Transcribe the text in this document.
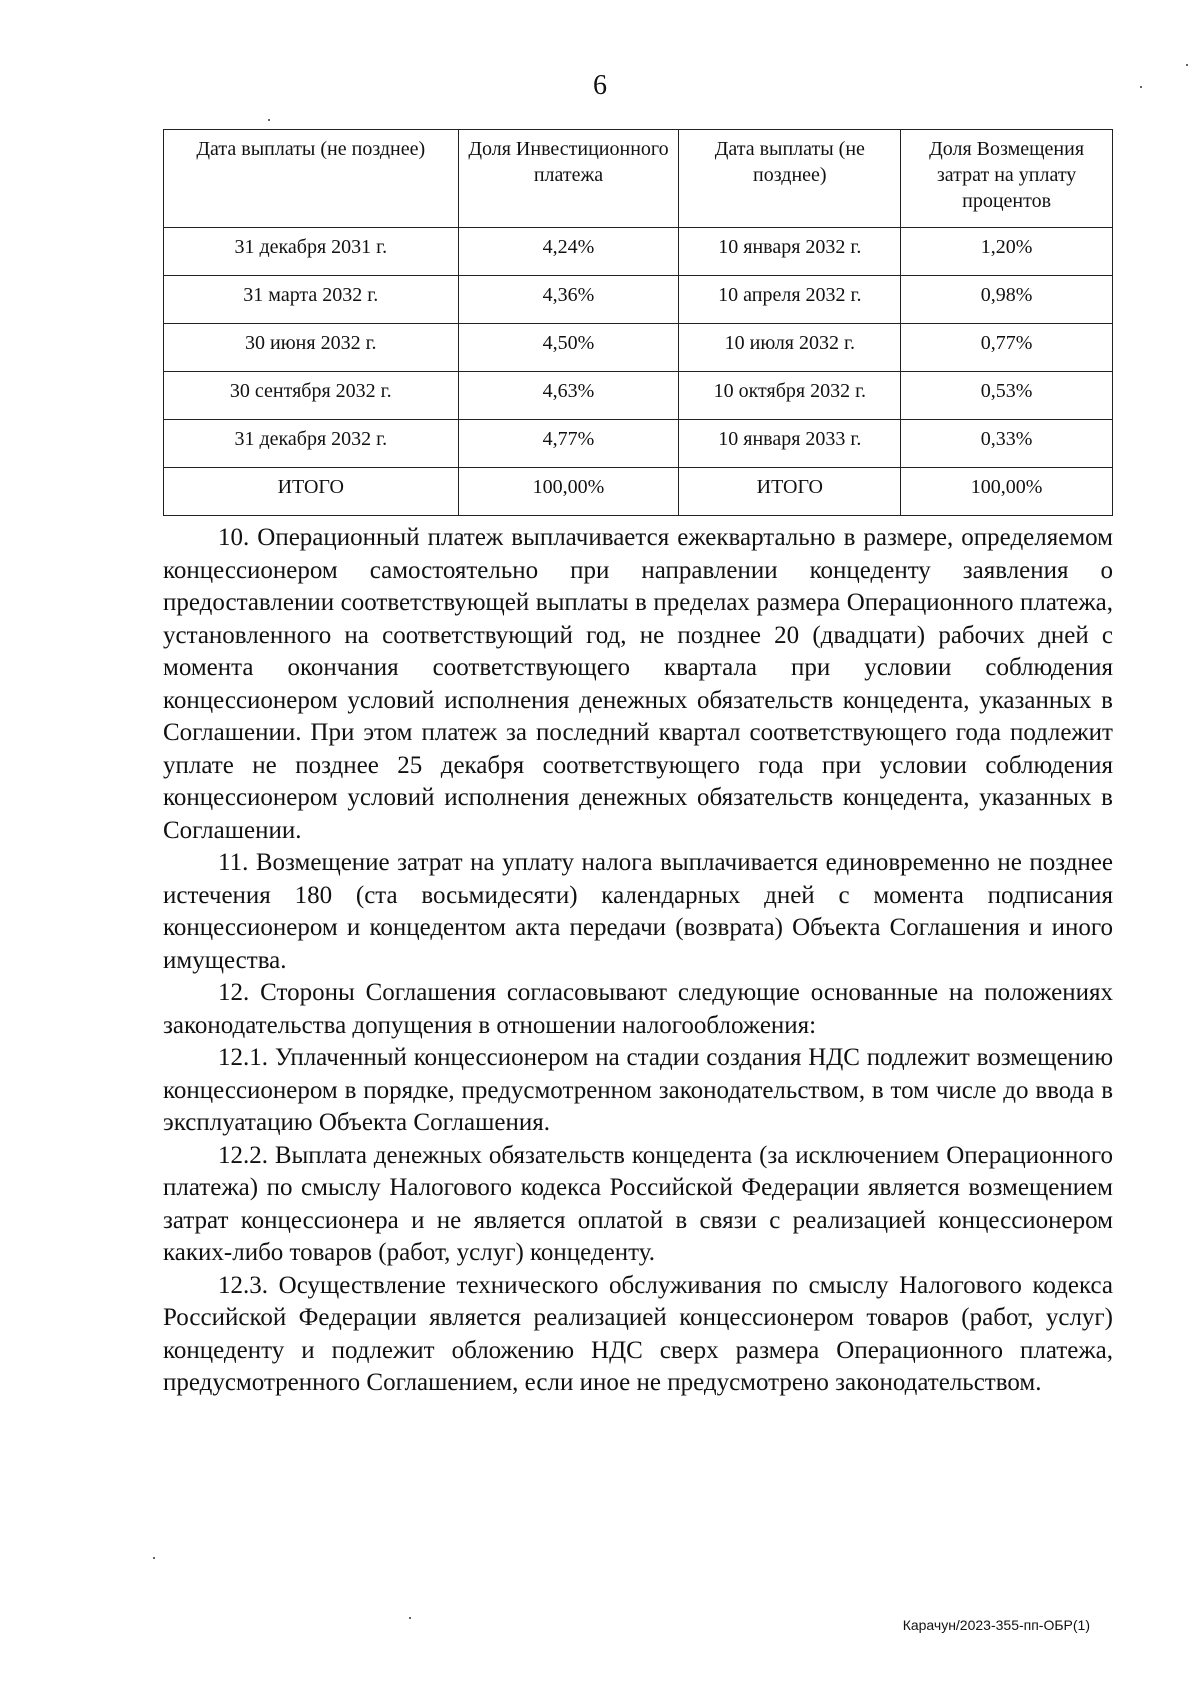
6
Дата выплаты (не позднее)	Доля Инвестиционного платежа	Дата выплаты (не позднее)	Доля Возмещения затрат на уплату процентов
31 декабря 2031 г.	4,24%	10 января 2032 г.	1,20%
31 марта 2032 г.	4,36%	10 апреля 2032 г.	0,98%
30 июня 2032 г.	4,50%	10 июля 2032 г.	0,77%
30 сентября 2032 г.	4,63%	10 октября 2032 г.	0,53%
31 декабря 2032 г.	4,77%	10 января 2033 г.	0,33%
ИТОГО	100,00%	ИТОГО	100,00%

10. Операционный платеж выплачивается ежеквартально в размере, определяемом концессионером самостоятельно при направлении концеденту заявления о предоставлении соответствующей выплаты в пределах размера Операционного платежа, установленного на соответствующий год, не позднее 20 (двадцати) рабочих дней с момента окончания соответствующего квартала при условии соблюдения концессионером условий исполнения денежных обязательств концедента, указанных в Соглашении. При этом платеж за последний квартал соответствующего года подлежит уплате не позднее 25 декабря соответствующего года при условии соблюдения концессионером условий исполнения денежных обязательств концедента, указанных в Соглашении.

11. Возмещение затрат на уплату налога выплачивается единовременно не позднее истечения 180 (ста восьмидесяти) календарных дней с момента подписания концессионером и концедентом акта передачи (возврата) Объекта Соглашения и иного имущества.

12. Стороны Соглашения согласовывают следующие основанные на положениях законодательства допущения в отношении налогообложения:

12.1. Уплаченный концессионером на стадии создания НДС подлежит возмещению концессионером в порядке, предусмотренном законодательством, в том числе до ввода в эксплуатацию Объекта Соглашения.

12.2. Выплата денежных обязательств концедента (за исключением Операционного платежа) по смыслу Налогового кодекса Российской Федерации является возмещением затрат концессионера и не является оплатой в связи с реализацией концессионером каких-либо товаров (работ, услуг) концеденту.

12.3. Осуществление технического обслуживания по смыслу Налогового кодекса Российской Федерации является реализацией концессионером товаров (работ, услуг) концеденту и подлежит обложению НДС сверх размера Операционного платежа, предусмотренного Соглашением, если иное не предусмотрено законодательством.

Карачун/2023-355-пп-ОБР(1)
